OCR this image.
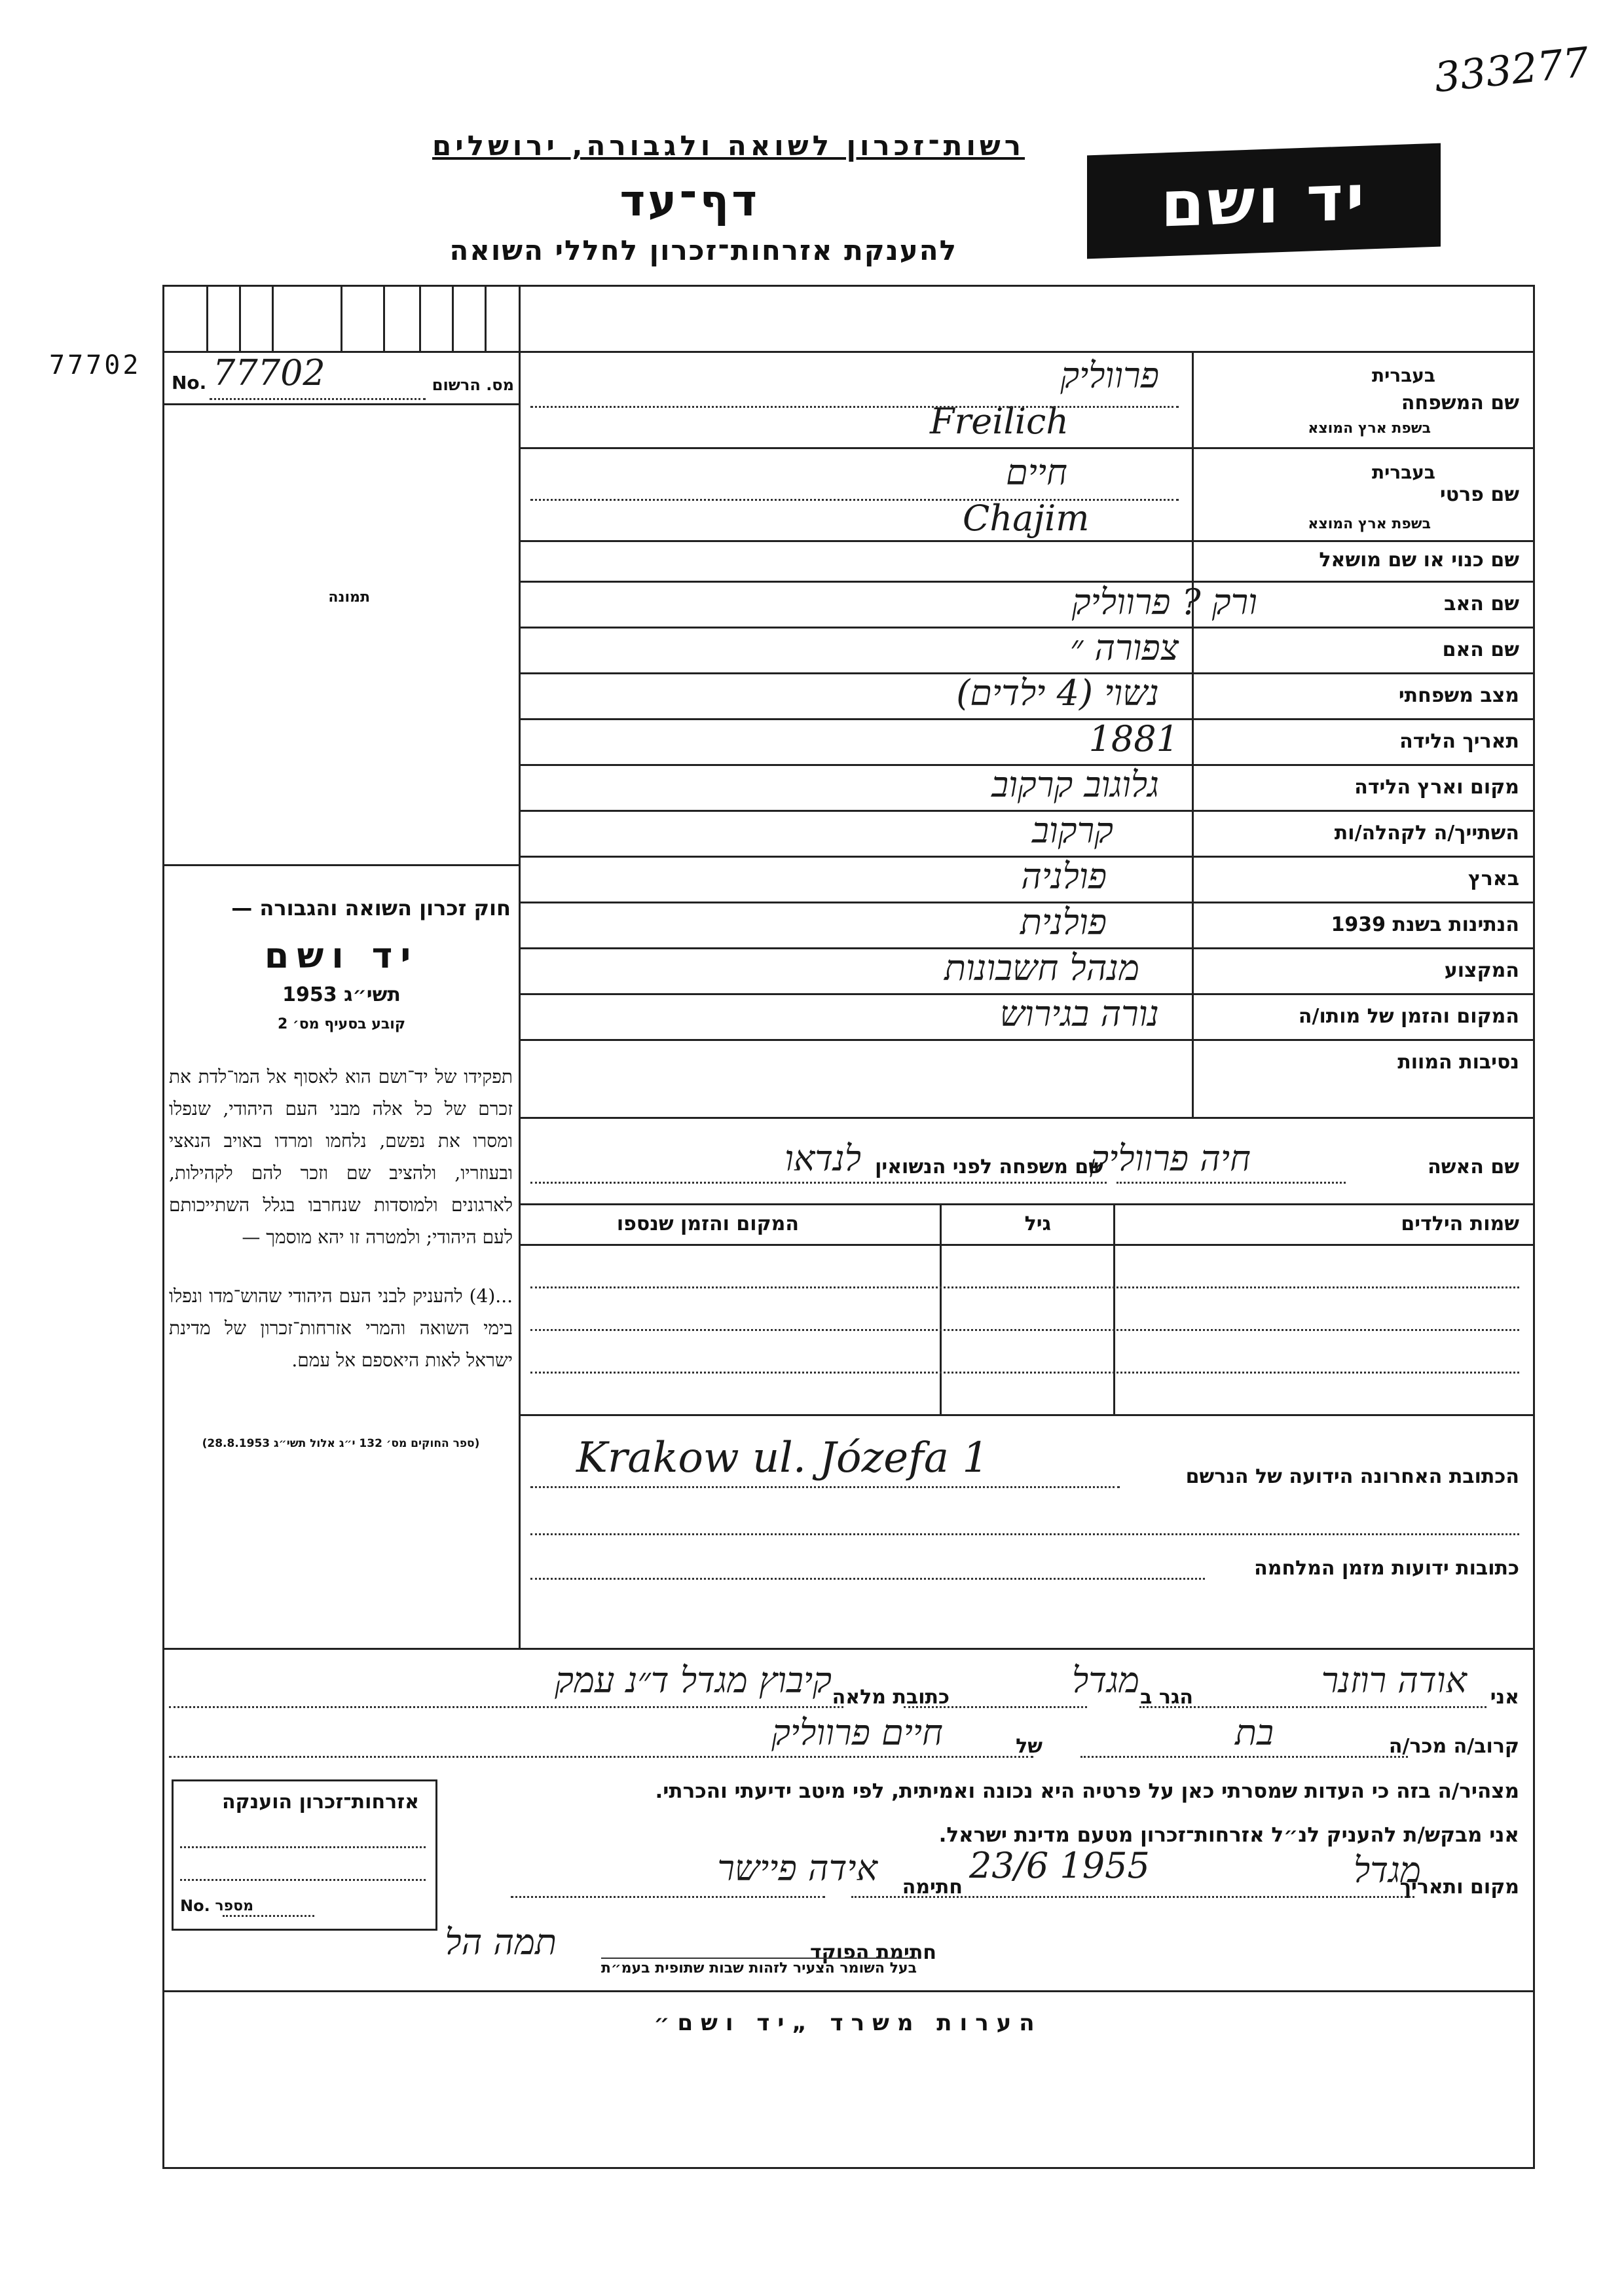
333277
רשות־זכרון לשואה ולגבורה, ירושלים
דף־עד
להענקת אזרחות־זכרון לחללי השואה
יד ושם
77702
No. 77702	מס. הרשום
תמונה
חוק זכרון השואה והגבורה —
יד ושם
תשי״ג 1953
קובע בסעיף מס׳ 2
תפקידו של יד־ושם הוא לאסוף אל המו־לדת את זכרם של כל אלה מבני העם היהודי, שנפלו ומסרו את נפשם, נלחמו ומרדו באויב הנאצי ובעוזריו, ולהציב שם וזכר להם לקהילות, לארגונים ולמוסדות שנחרבו בגלל השתייכותם לעם היהודי; ולמטרה זו יהא מוסמך —
...(4) להעניק לבני העם היהודי שהוש־מדו ונפלו בימי השואה והמרי אזרחות־זכרון של מדינת ישראל לאות היאספם אל עמם.
(ספר החוקים מס׳ 132 י״ג אלול תשי״ג 28.8.1953)
שם המשפחה
בעברית
בשפת ארץ המוצא
פרווליק
Freilich
שם פרטי
בעברית
בשפת ארץ המוצא
חיים
Chajim
שם כנוי או שם מושאל
שם האב
ורק ? פרווליק
שם האם
צפורה ״
מצב משפחתי
נשוי (4 ילדים)
תאריך הלידה
1881
מקום וארץ הלידה
גלוגוב קרקוב
השתייך/ה לקהלה/ות
קרקוב
בארץ
פולניה
הנתינות בשנת 1939
פולנית
המקצוע
מנהל חשבונות
המקום והזמן של מותו/ה
נורה בגירוש
נסיבות המוות
שם האשה
חיה פרווליק
שם משפחה לפני הנשואין
לנדאו
שמות הילדים
גיל
המקום והזמן שנספו
Krakow ul. Józefa 1	הכתובת האחרונה הידועה של הנרשם
כתובות ידועות מזמן המלחמה
אני
אודה רוזנר
הגר ב
מגדל
כתובת מלאה
קיבוץ מגדל ד״נ עמק
קרוב/ה מכר/ה
בת
של
חיים פרווליק
מצהיר/ה בזה כי העדות שמסרתי כאן על פרטיה היא נכונה ואמיתית, לפי מיטב ידיעתי והכרתי.
אני מבקש/ת להעניק לנ״ל אזרחות־זכרון מטעם מדינת ישראל.
מקום ותאריך
מגדל
23/6 1955
חתימה
אידה פיישר
אזרחות־זכרון הוענקה
No. מספר
חתימת הפוקד
תמה הל
בעל השומר הצעיר לזהות שבות שתופית בעמ״ת
הערות משרד „יד ושם״
